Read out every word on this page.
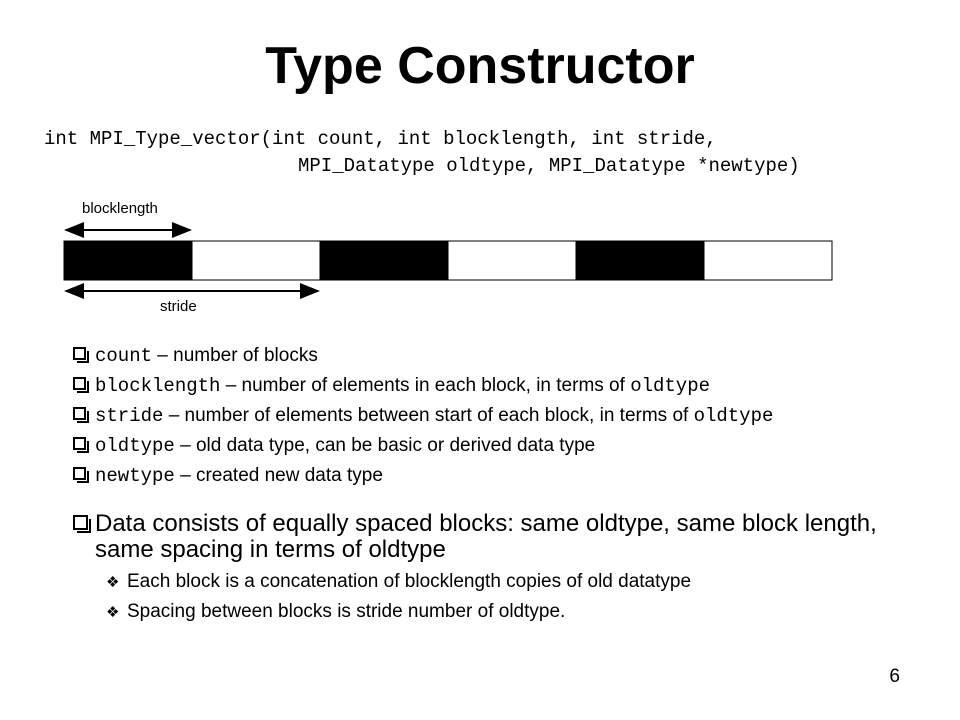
Type Constructor
int MPI_Type_vector(int count, int blocklength, int stride,
MPI_Datatype oldtype, MPI_Datatype *newtype)
blocklength
stride
count – number of blocks
blocklength – number of elements in each block, in terms of oldtype
stride – number of elements between start of each block, in terms of oldtype
oldtype – old data type, can be basic or derived data type
newtype – created new data type
Data consists of equally spaced blocks: same oldtype, same block length, same spacing in terms of oldtype
❖ Each block is a concatenation of blocklength copies of old datatype
❖ Spacing between blocks is stride number of oldtype.
6
